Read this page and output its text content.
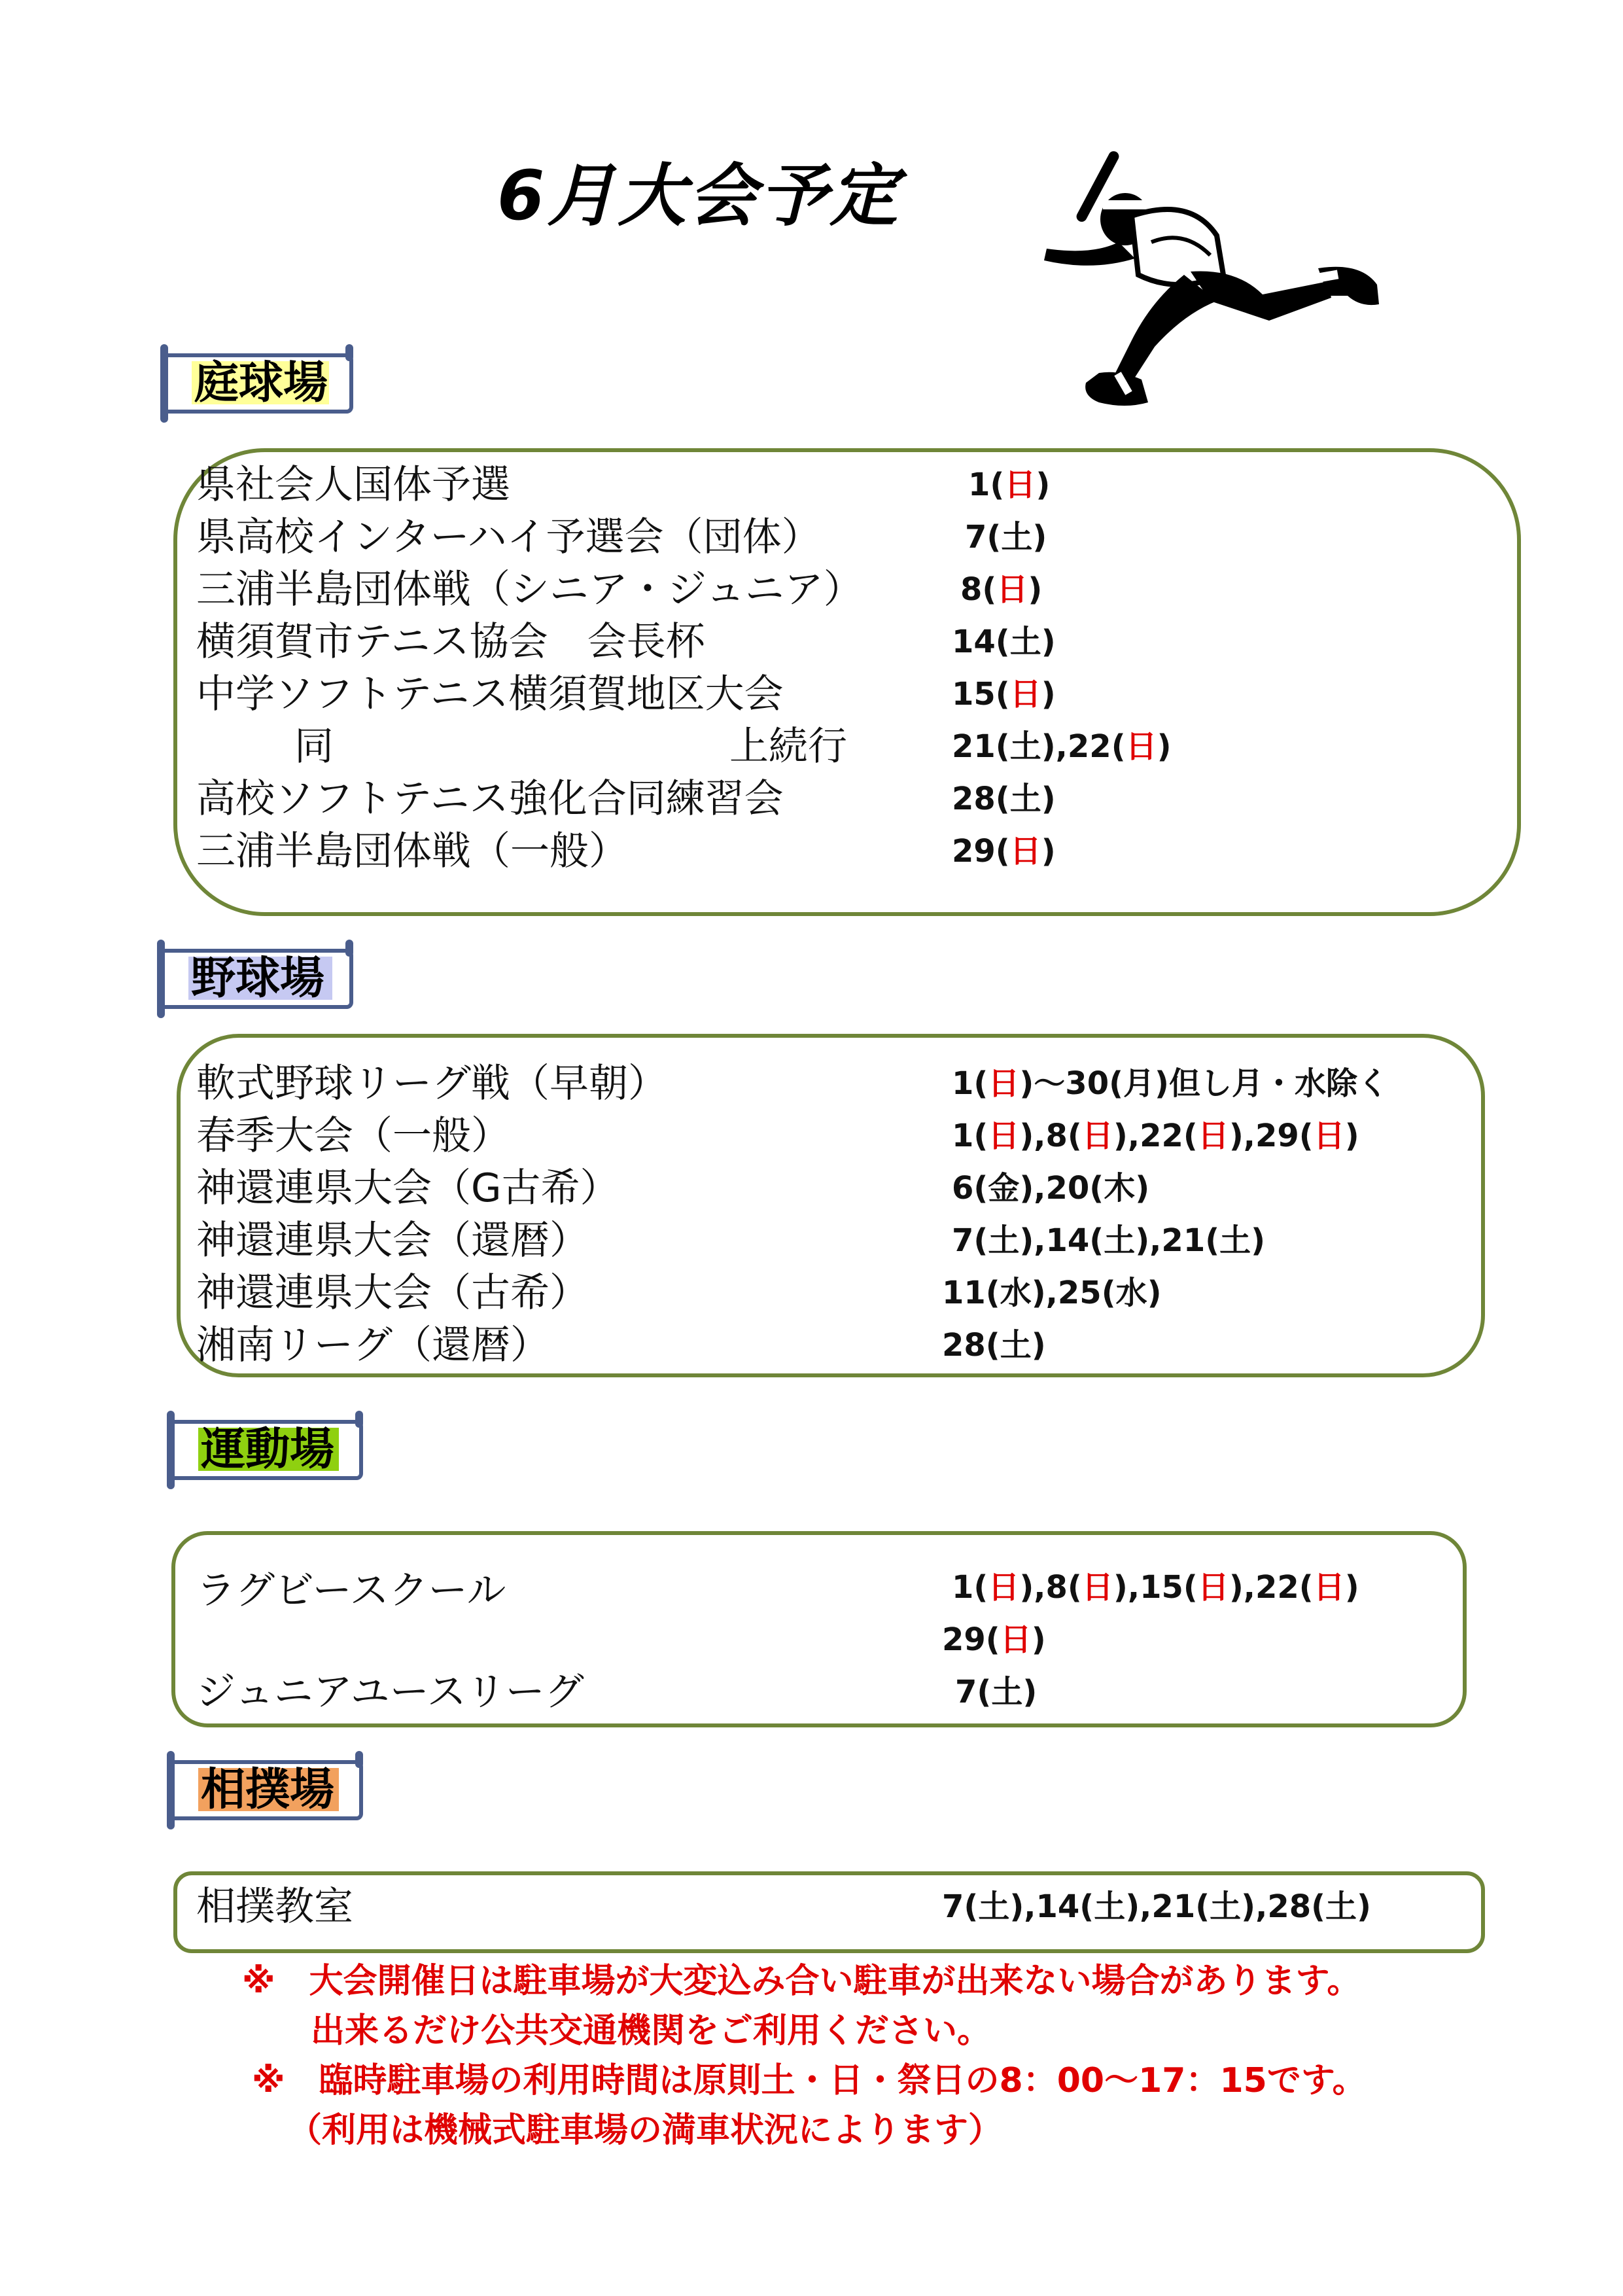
6月大会予定
庭球場
県社会人国体予選	1(日)
県高校インターハイ予選会（団体）	7(土)
三浦半島団体戦（シニア・ジュニア）	8(日)
横須賀市テニス協会　会長杯	14(土)
中学ソフトテニス横須賀地区大会	15(日)
同	上続行	21(土),22(日)
高校ソフトテニス強化合同練習会	28(土)
三浦半島団体戦（一般）	29(日)
野球場
軟式野球リーグ戦（早朝）	1(日)～30(月)但し月・水除く
春季大会（一般）	1(日),8(日),22(日),29(日)
神還連県大会（G古希）	6(金),20(木)
神還連県大会（還暦）	7(土),14(土),21(土)
神還連県大会（古希）	11(水),25(水)
湘南リーグ（還暦）	28(土)
運動場
ラグビースクール	1(日),8(日),15(日),22(日)
29(日)
ジュニアユースリーグ	7(土)
相撲場
相撲教室	7(土),14(土),21(土),28(土)
※　大会開催日は駐車場が大変込み合い駐車が出来ない場合があります。
出来るだけ公共交通機関をご利用ください。
※　臨時駐車場の利用時間は原則土・日・祭日の8：00～17：15です。
（利用は機械式駐車場の満車状況によります）
